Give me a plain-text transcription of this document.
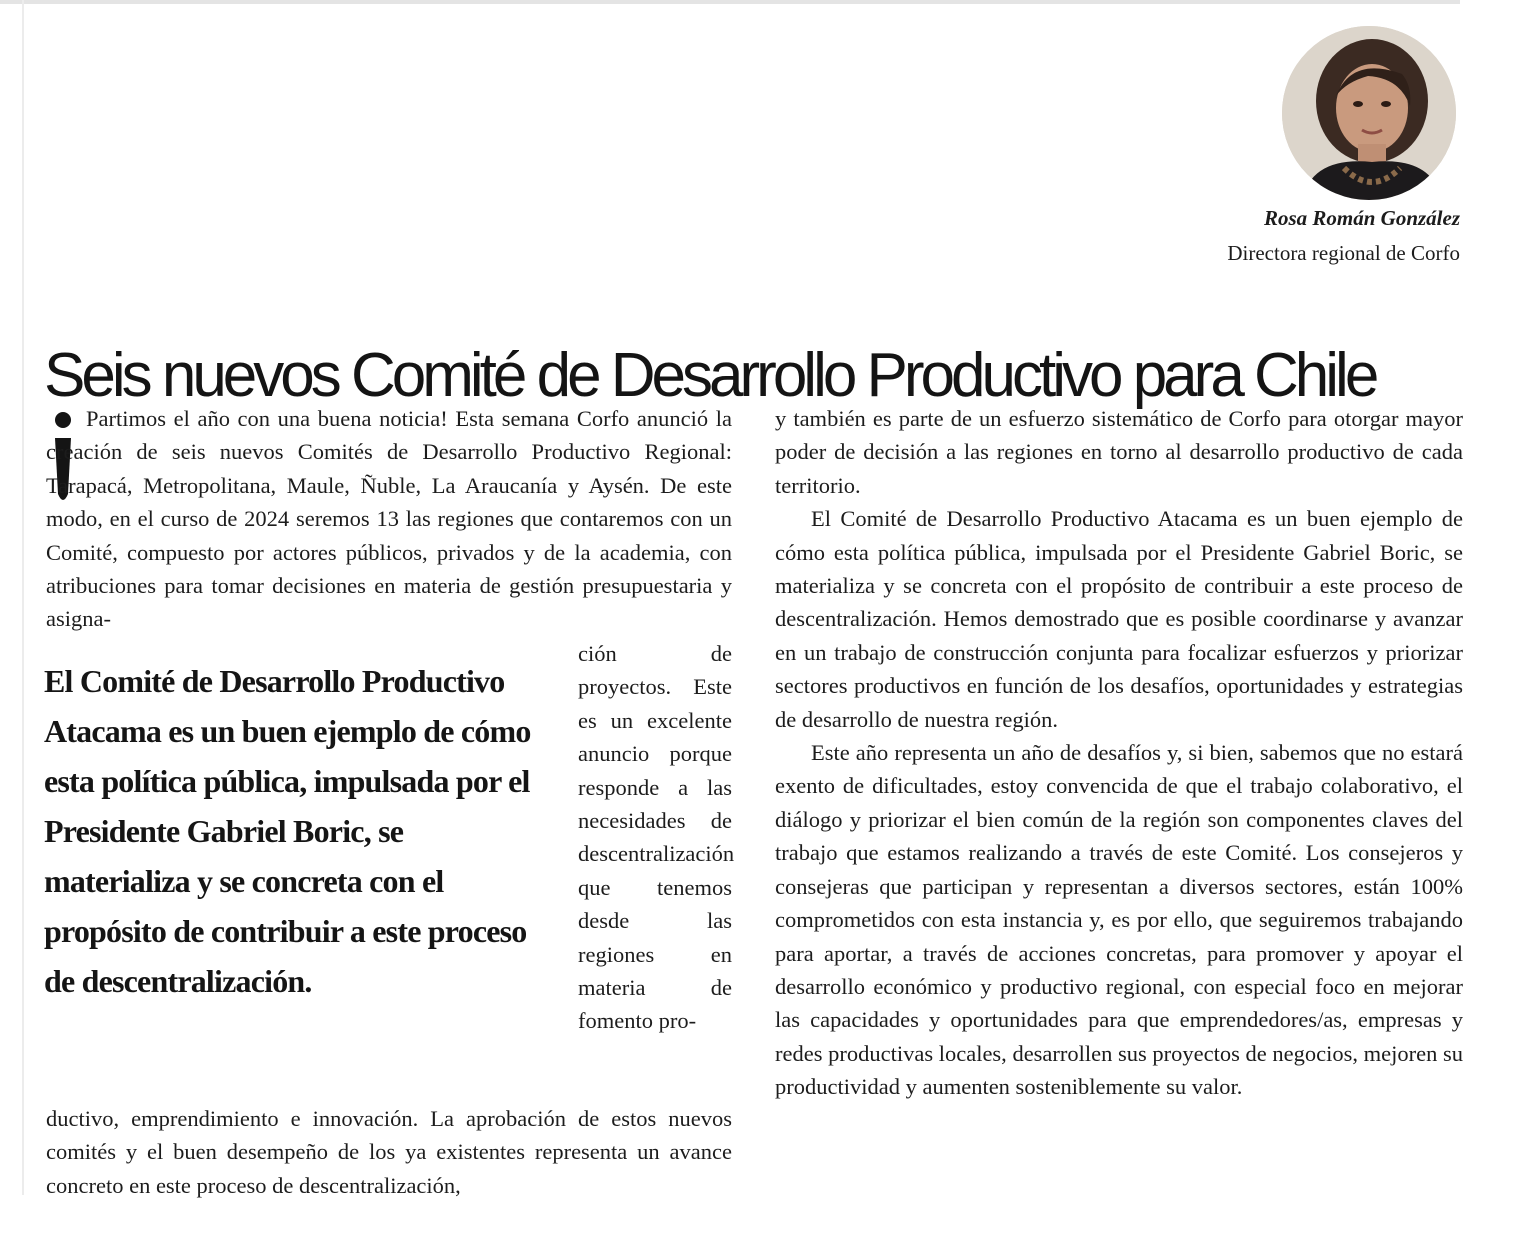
Rosa Román González
Directora regional de Corfo
Seis nuevos Comité de Desarrollo Productivo para Chile

Partimos el año con una buena noticia! Esta semana Corfo anunció la creación de seis nuevos Comités de Desarrollo Productivo Regional: Tarapacá, Metropolitana, Maule, Ñuble, La Araucanía y Aysén. De este modo, en el curso de 2024 seremos 13 las regiones que contaremos con un Comité, compuesto por actores públicos, privados y de la academia, con atribuciones para tomar decisiones en materia de gestión presupuestaria y asigna-

El Comité de Desarrollo Productivo Atacama es un buen ejemplo de cómo esta política pública, impulsada por el Presidente Gabriel Boric, se materializa y se concreta con el propósito de contribuir a este proceso de descentralización.
ción de proyectos. Este es un excelente anuncio porque responde a las necesidades de descentralización que tenemos desde las regiones en materia de fomento pro-
ductivo, emprendimiento e innovación. La aprobación de estos nuevos comités y el buen desempeño de los ya existentes representa un avance concreto en este proceso de descentralización,

y también es parte de un esfuerzo sistemático de Corfo para otorgar mayor poder de decisión a las regiones en torno al desarrollo productivo de cada territorio.

El Comité de Desarrollo Productivo Atacama es un buen ejemplo de cómo esta política pública, impulsada por el Presidente Gabriel Boric, se materializa y se concreta con el propósito de contribuir a este proceso de descentralización. Hemos demostrado que es posible coordinarse y avanzar en un trabajo de construcción conjunta para focalizar esfuerzos y priorizar sectores productivos en función de los desafíos, oportunidades y estrategias de desarrollo de nuestra región.

Este año representa un año de desafíos y, si bien, sabemos que no estará exento de dificultades, estoy convencida de que el trabajo colaborativo, el diálogo y priorizar el bien común de la región son componentes claves del trabajo que estamos realizando a través de este Comité. Los consejeros y consejeras que participan y representan a diversos sectores, están 100% comprometidos con esta instancia y, es por ello, que seguiremos trabajando para aportar, a través de acciones concretas, para promover y apoyar el desarrollo económico y productivo regional, con especial foco en mejorar las capacidades y oportunidades para que emprendedores/as, empresas y redes productivas locales, desarrollen sus proyectos de negocios, mejoren su productividad y aumenten sosteniblemente su valor.
